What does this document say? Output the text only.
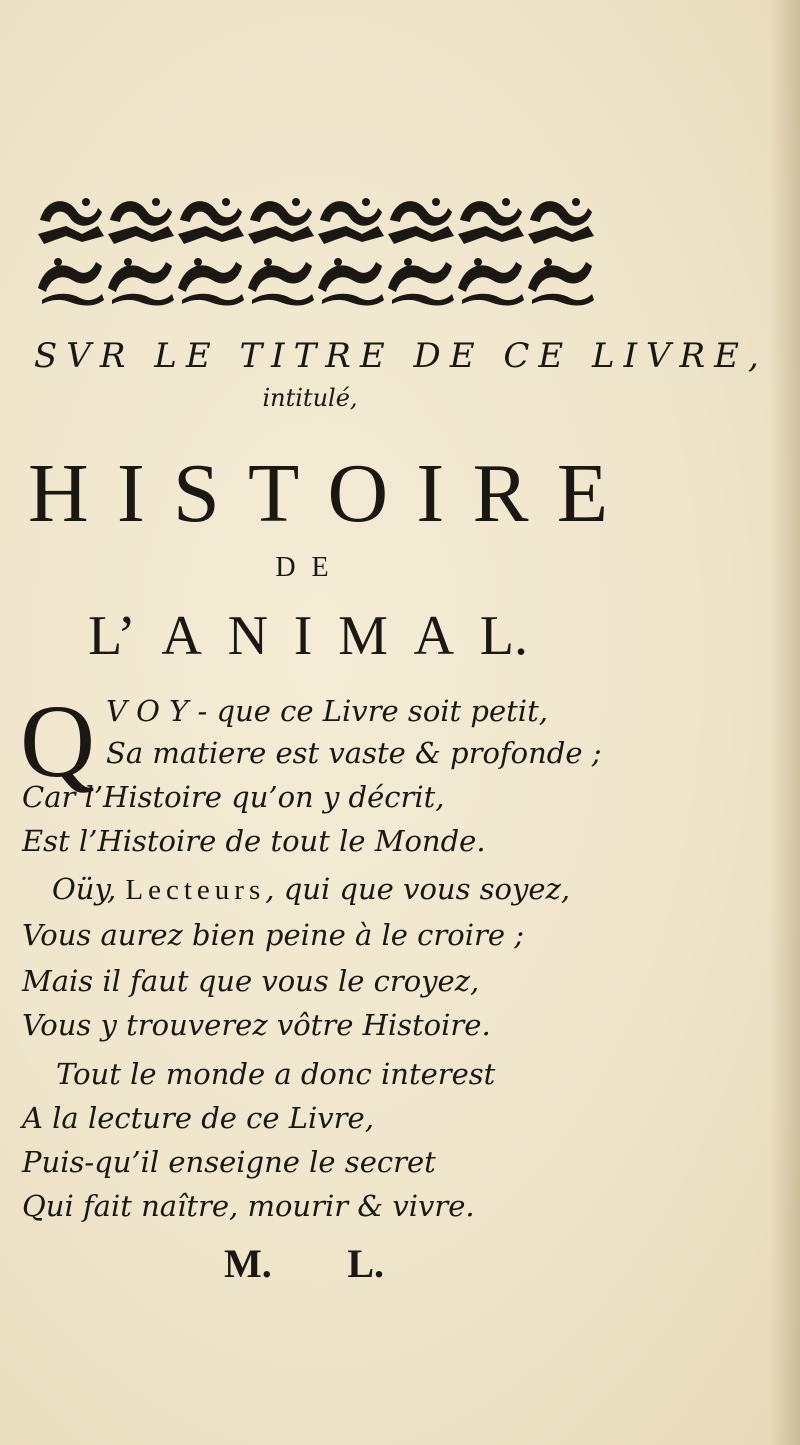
SVR LE TITRE DE CE LIVRE,
intitulé,
H I S T O I R E
DE
L’ A N I M A L.
Q V O Y - que ce Livre soit petit,
Sa matiere est vaste & profonde ;
Car l’Histoire qu’on y décrit,
Est l’Histoire de tout le Monde.
Oüy, Lecteurs, qui que vous soyez,
Vous aurez bien peine à le croire ;
Mais il faut que vous le croyez,
Vous y trouverez vôtre Histoire.
Tout le monde a donc interest
A la lecture de ce Livre,
Puis-qu’il enseigne le secret
Qui fait naître, mourir & vivre.
M. L.
